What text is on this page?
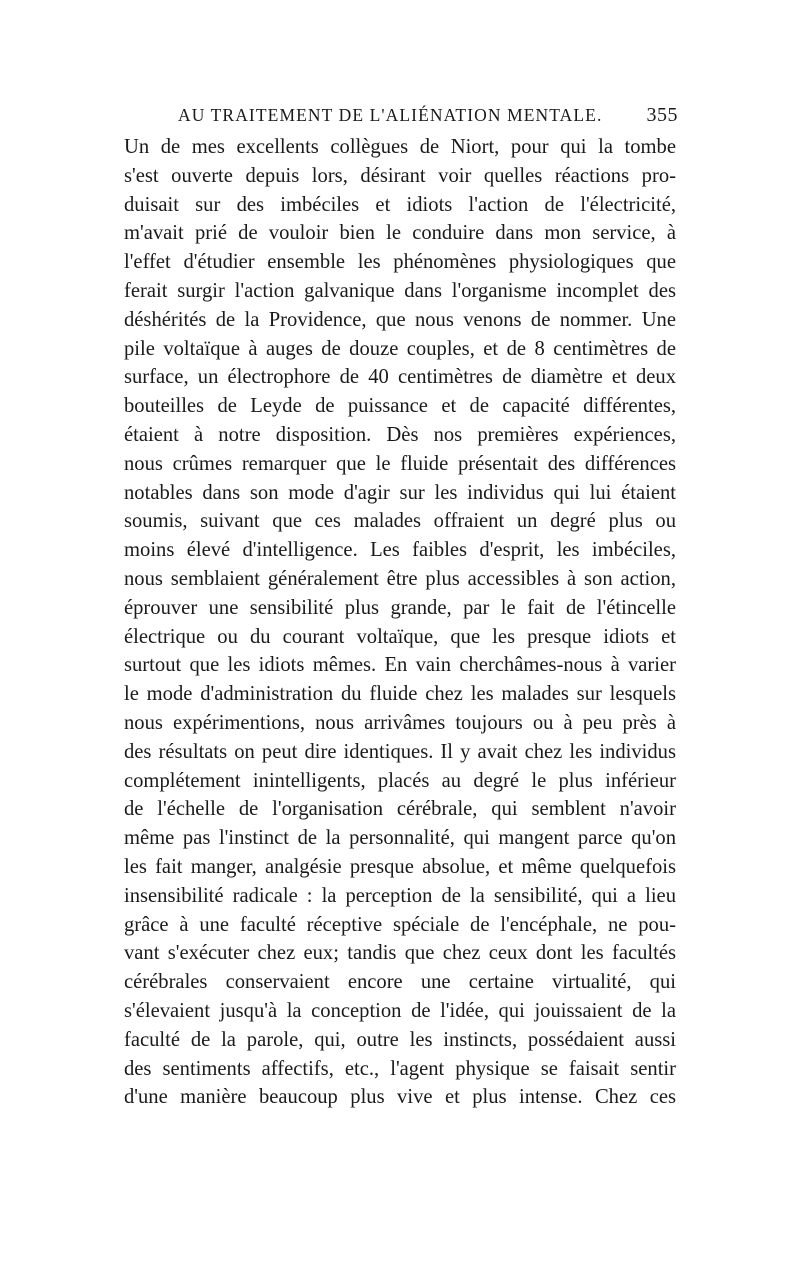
AU TRAITEMENT DE L'ALIÉNATION MENTALE. 355
Un de mes excellents collègues de Niort, pour qui la tombe
s'est ouverte depuis lors, désirant voir quelles réactions pro-
duisait sur des imbéciles et idiots l'action de l'électricité,
m'avait prié de vouloir bien le conduire dans mon service, à
l'effet d'étudier ensemble les phénomènes physiologiques que
ferait surgir l'action galvanique dans l'organisme incomplet des
déshérités de la Providence, que nous venons de nommer. Une
pile voltaïque à auges de douze couples, et de 8 centimètres de
surface, un électrophore de 40 centimètres de diamètre et deux
bouteilles de Leyde de puissance et de capacité différentes,
étaient à notre disposition. Dès nos premières expériences,
nous crûmes remarquer que le fluide présentait des différences
notables dans son mode d'agir sur les individus qui lui étaient
soumis, suivant que ces malades offraient un degré plus ou
moins élevé d'intelligence. Les faibles d'esprit, les imbéciles,
nous semblaient généralement être plus accessibles à son action,
éprouver une sensibilité plus grande, par le fait de l'étincelle
électrique ou du courant voltaïque, que les presque idiots et
surtout que les idiots mêmes. En vain cherchâmes-nous à varier
le mode d'administration du fluide chez les malades sur lesquels
nous expérimentions, nous arrivâmes toujours ou à peu près à
des résultats on peut dire identiques. Il y avait chez les individus
complétement inintelligents, placés au degré le plus inférieur
de l'échelle de l'organisation cérébrale, qui semblent n'avoir
même pas l'instinct de la personnalité, qui mangent parce qu'on
les fait manger, analgésie presque absolue, et même quelquefois
insensibilité radicale : la perception de la sensibilité, qui a lieu
grâce à une faculté réceptive spéciale de l'encéphale, ne pou-
vant s'exécuter chez eux; tandis que chez ceux dont les facultés
cérébrales conservaient encore une certaine virtualité, qui
s'élevaient jusqu'à la conception de l'idée, qui jouissaient de la
faculté de la parole, qui, outre les instincts, possédaient aussi
des sentiments affectifs, etc., l'agent physique se faisait sentir
d'une manière beaucoup plus vive et plus intense. Chez ces
